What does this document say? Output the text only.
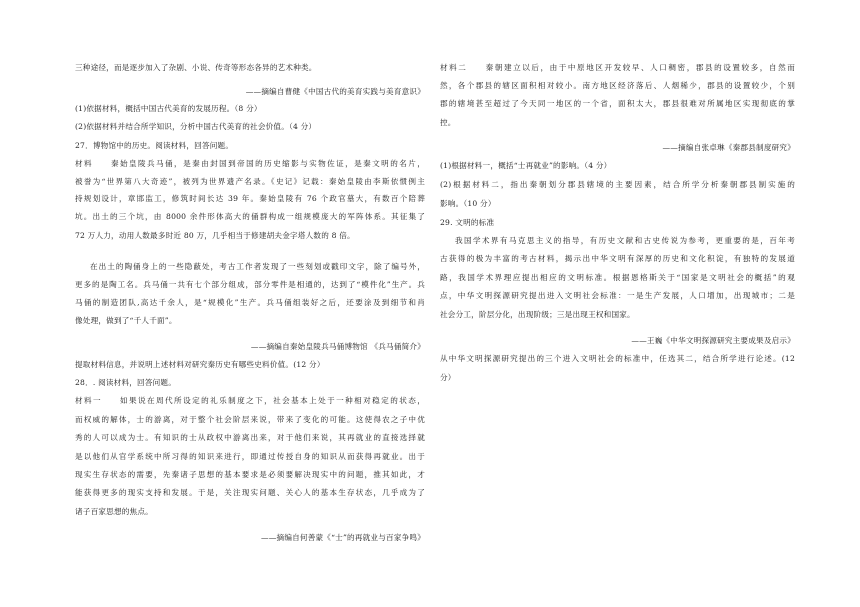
三种途径，而是逐步加入了杂剧、小说、传奇等形态各异的艺术种类。
——摘编自曹健《中国古代的美育实践与美育意识》
(1)依据材料，概括中国古代美育的发展历程。（8 分）
(2)依据材料并结合所学知识，分析中国古代美育的社会价值。（4 分）
27．博物馆中的历史。阅读材料，回答问题。
材料　　秦始皇陵兵马俑，是秦由封国到帝国的历史缩影与实物佐证，是秦文明的名片，
被誉为“世界第八大奇迹”，被列为世界遗产名录。《史记》记载：秦始皇陵由李斯依惯例主
持规划设计，章邯监工，修筑时间长达 39 年。秦始皇陵有 76 个政官墓大，有数百个陪葬
坑。出土的三个坑，由 8000 余件形体高大的俑群构成一组规模庞大的军阵体系。其征集了
72 万人力，动用人数最多时近 80 万，几乎相当于修建胡夫金字塔人数的 8 倍。
在出土的陶俑身上的一些隐蔽处，考古工作者发现了一些刻划或戳印文字，除了编号外，
更多的是陶工名。兵马俑一共有七个部分组成，部分零件是相通的，达到了“模件化”生产。兵
马俑的制造团队,高达千余人，是“规模化”生产。兵马俑组装好之后，还要涂及到细节和肖
像处理，做到了“千人千面”。
——摘编自秦始皇陵兵马俑博物馆 《兵马俑简介》
提取材料信息，并说明上述材料对研究秦历史有哪些史料价值。(12 分）
28．. 阅读材料，回答问题。
材料一　　如果说在周代所设定的礼乐制度之下，社会基本上处于一种相对稳定的状态，
而权威的解体，士的游离，对于整个社会阶层来说，带来了变化的可能。这使得农之子中优
秀的人可以成为士。有知识的士从政权中游离出来，对于他们来说，其再就业的直接选择就
是以他们从官学系统中所习得的知识来进行，即通过传授自身的知识从而获得再就业。出于
现实生存状态的需要，先秦诸子思想的基本要求是必须要解决现实中的问题，推其如此，才
能获得更多的现实支持和发展。于是，关注现实问题、关心人的基本生存状态，几乎成为了
诸子百家思想的焦点。
——摘编自何善蒙《“士”的再就业与百家争鸣》
材料二　　秦朝建立以后，由于中原地区开发较早、人口稠密，郡县的设置较多，自然而
然，各个郡县的辖区面积相对较小。南方地区经济落后、人烟稀少，郡县的设置较少，个别
郡的辖境甚至超过了今天同一地区的一个省，面积太大，郡县很难对所属地区实现彻底的掌
控。
——摘编自张卓琳《秦郡县制度研究》
(1)根据材料一，概括“士再就业”的影响。（4 分）
(2)根据材料二，指出秦朝划分郡县辖境的主要因素，结合所学分析秦朝郡县制实施的
影响。（10 分）
29. 文明的标准
我国学术界有马克思主义的指导，有历史文献和古史传说为参考，更重要的是，百年考
古获得的极为丰富的考古材料，揭示出中华文明有深厚的历史和文化积淀，有独特的发展道
路，我国学术界理应提出相应的文明标准。根据恩格斯关于“国家是文明社会的概括”的观
点，中华文明探源研究提出进入文明社会标准：一是生产发展，人口增加，出现城市；二是
社会分工，阶层分化，出现阶级；三是出现王权和国家。
——王巍《中华文明探源研究主要成果及启示》
从中华文明探源研究提出的三个进入文明社会的标准中，任选其二，结合所学进行论述。(12
分）
